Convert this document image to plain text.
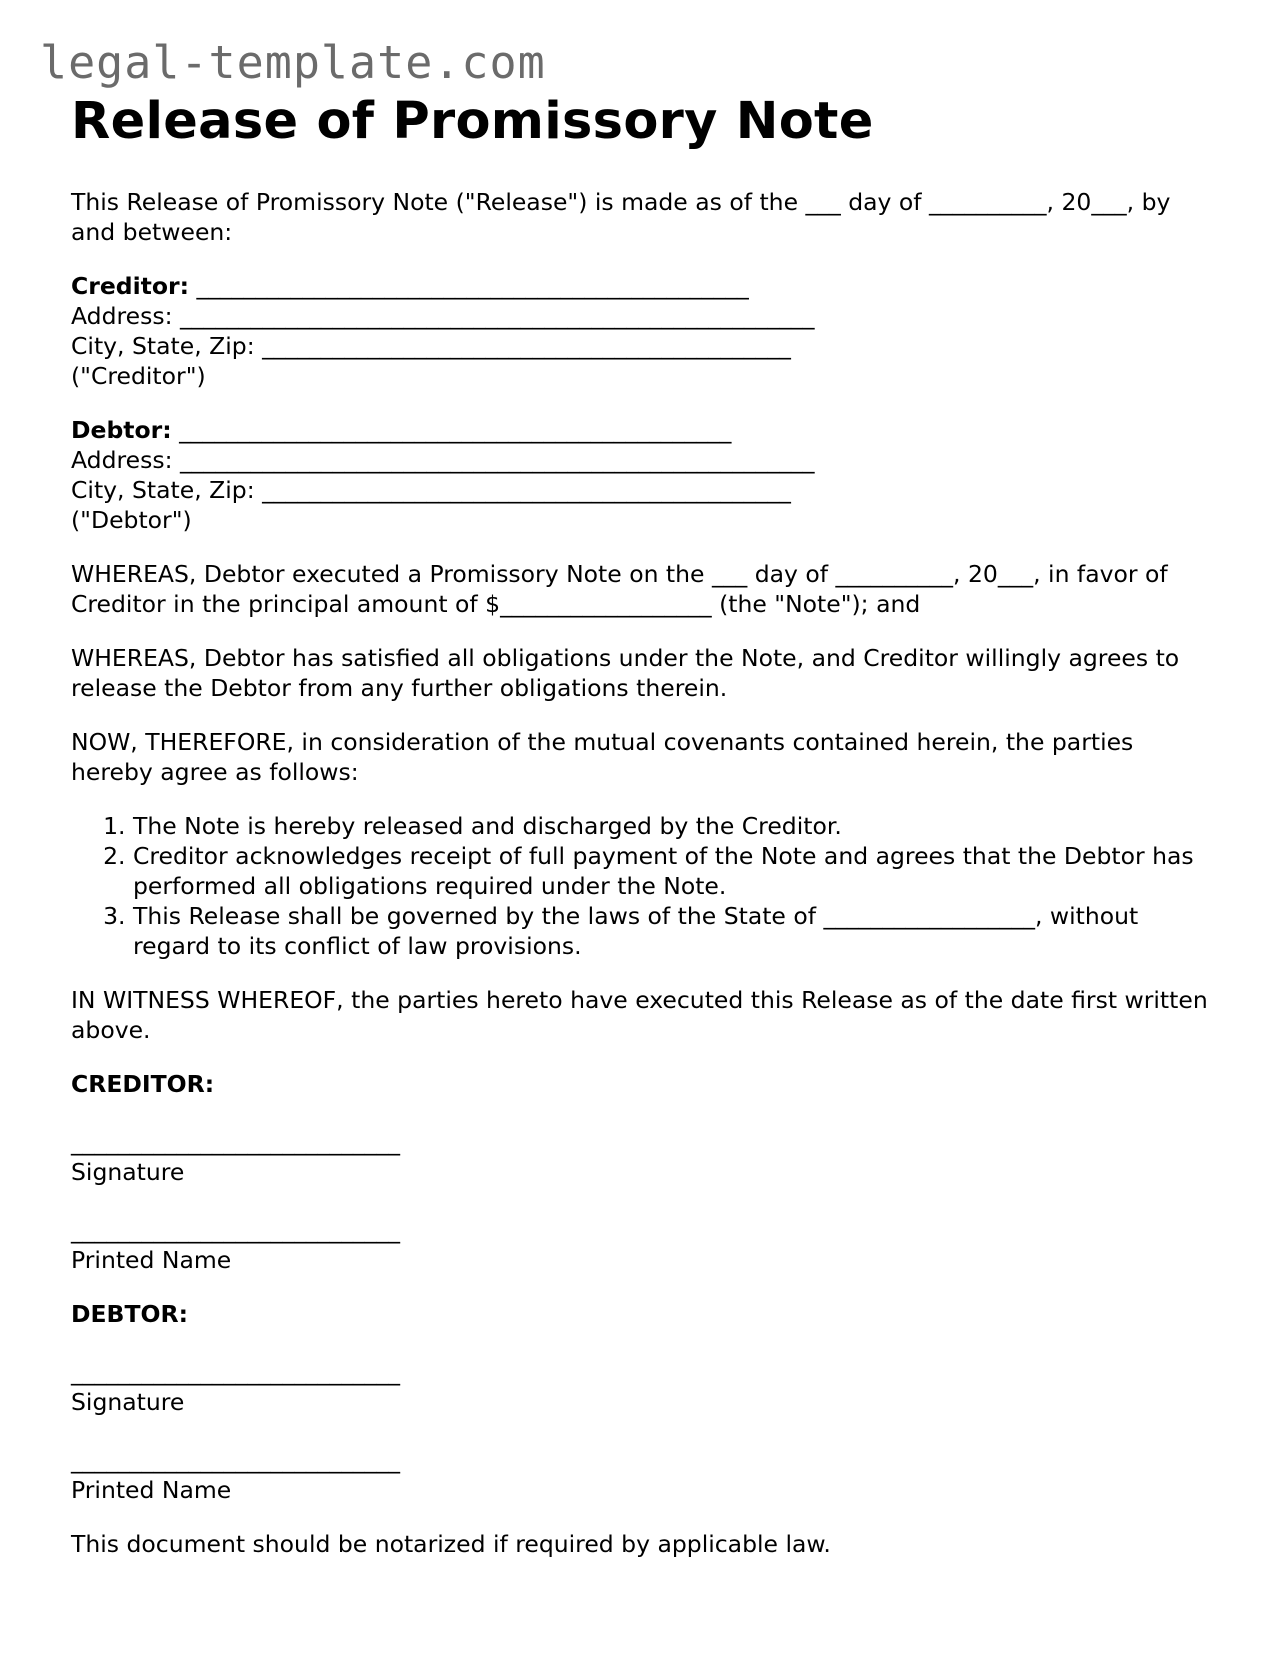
legal-template.com
Release of Promissory Note

This Release of Promissory Note ("Release") is made as of the ___ day of __________, 20___, by and between:

Creditor: _______________________________________________
Address: ______________________________________________________
City, State, Zip: _____________________________________________
("Creditor")
Debtor: _______________________________________________
Address: ______________________________________________________
City, State, Zip: _____________________________________________
("Debtor")

WHEREAS, Debtor executed a Promissory Note on the ___ day of __________, 20___, in favor of Creditor in the principal amount of $__________________ (the "Note"); and

WHEREAS, Debtor has satisfied all obligations under the Note, and Creditor willingly agrees to release the Debtor from any further obligations therein.

NOW, THEREFORE, in consideration of the mutual covenants contained herein, the parties hereby agree as follows:

1. The Note is hereby released and discharged by the Creditor.
2. Creditor acknowledges receipt of full payment of the Note and agrees that the Debtor has performed all obligations required under the Note.
3. This Release shall be governed by the laws of the State of __________________, without regard to its conflict of law provisions.

IN WITNESS WHEREOF, the parties hereto have executed this Release as of the date first written above.

CREDITOR:
____________________________
Signature
____________________________
Printed Name
DEBTOR:
____________________________
Signature
____________________________
Printed Name

This document should be notarized if required by applicable law.
